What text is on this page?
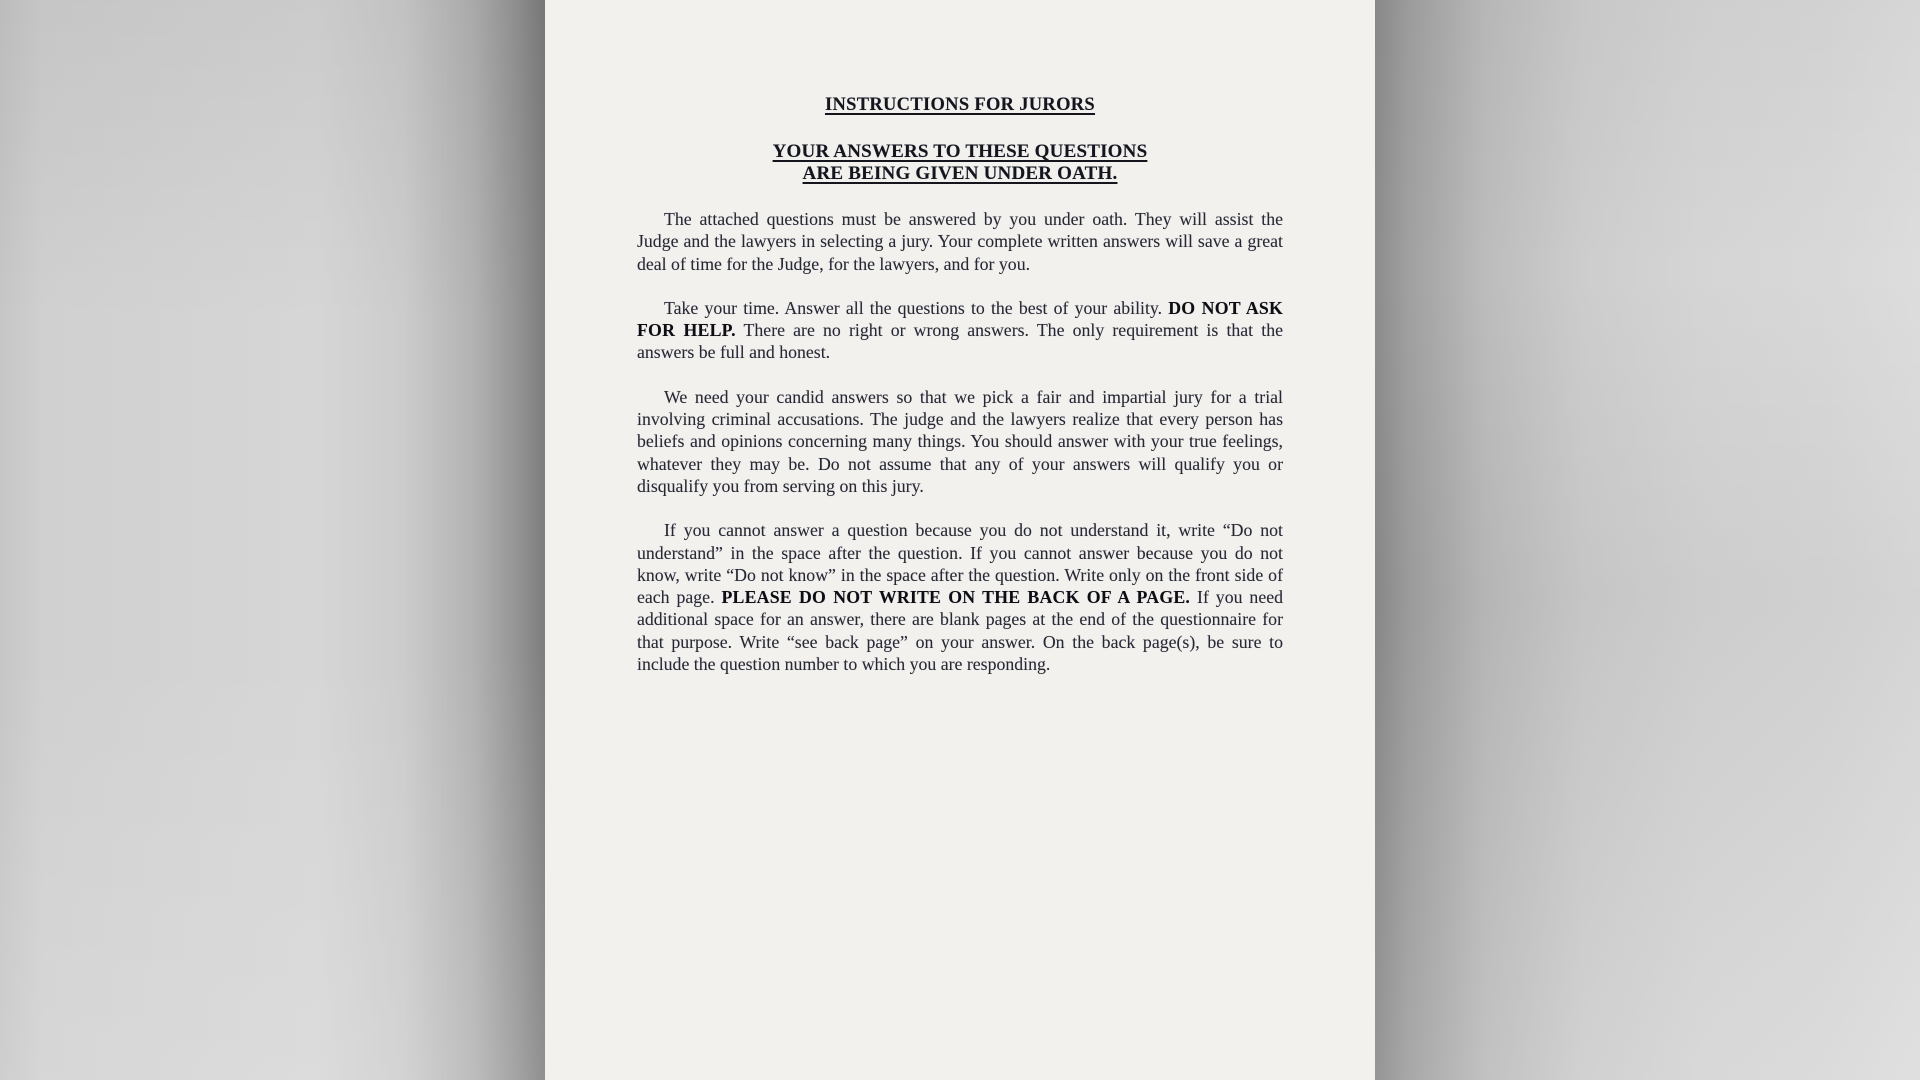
INSTRUCTIONS FOR JURORS
YOUR ANSWERS TO THESE QUESTIONS
ARE BEING GIVEN UNDER OATH.

The attached questions must be answered by you under oath. They will assist the Judge and the lawyers in selecting a jury. Your complete written answers will save a great deal of time for the Judge, for the lawyers, and for you.

Take your time. Answer all the questions to the best of your ability. DO NOT ASK FOR HELP. There are no right or wrong answers. The only requirement is that the answers be full and honest.

We need your candid answers so that we pick a fair and impartial jury for a trial involving criminal accusations. The judge and the lawyers realize that every person has beliefs and opinions concerning many things. You should answer with your true feelings, whatever they may be. Do not assume that any of your answers will qualify you or disqualify you from serving on this jury.

If you cannot answer a question because you do not understand it, write “Do not understand” in the space after the question. If you cannot answer because you do not know, write “Do not know” in the space after the question. Write only on the front side of each page. PLEASE DO NOT WRITE ON THE BACK OF A PAGE. If you need additional space for an answer, there are blank pages at the end of the questionnaire for that purpose. Write “see back page” on your answer. On the back page(s), be sure to include the question number to which you are responding.
